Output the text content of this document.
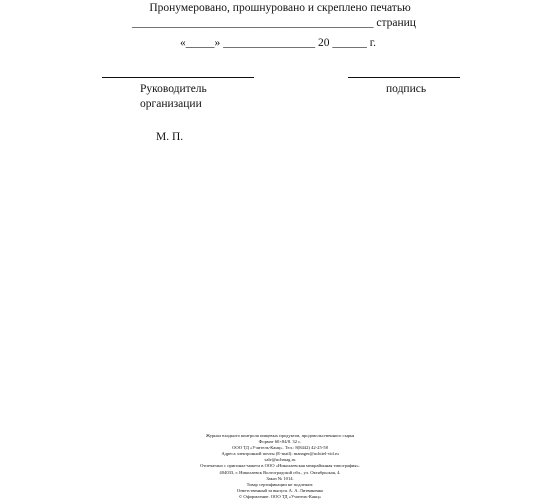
Пронумеровано, прошнуровано и скреплено печатью
__________________________________________ страниц
«_____» ________________ 20 ______ г.
Руководитель
организации
подпись
М. П.
Журнал входного контроля пищевых продуктов, продовольственного сырья
Формат 60×84/8. 32 с.
ООО ТД «Учитель-Канц». Тел.: 8(8442) 42-25-58
Адреса электронной почты (E-mail): manager@uchitel-vid.ru
sale@uchmag.ru
Отпечатано с оригинал-макета в ООО «Николаевская межрайонная типография».
404033, г. Николаевск Волгоградской обл., ул. Октябрьская, 4.
Заказ № 1014.
Товар сертификации не подлежит.
Ответственный за выпуск А. А. Литвиненко
© Оформление. ООО ТД «Учитель-Канц»
